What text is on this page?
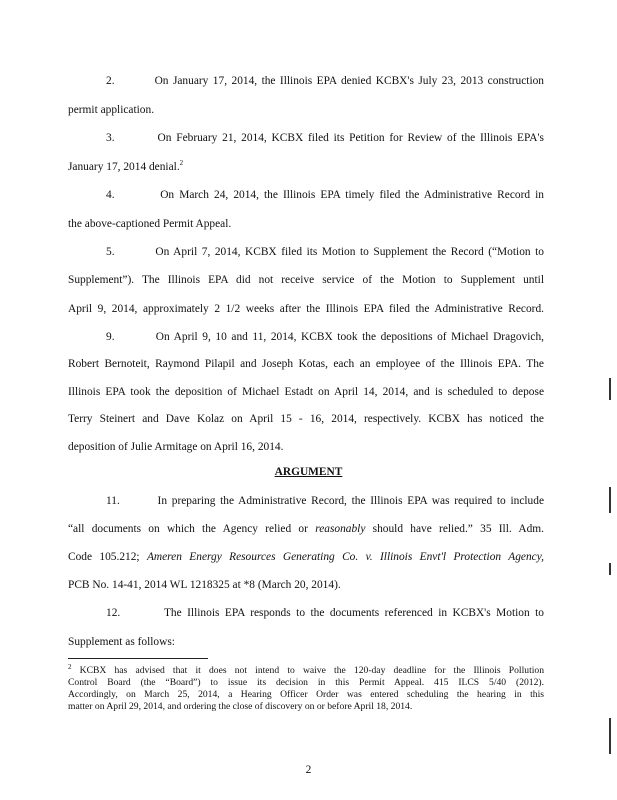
2.         On January 17, 2014, the Illinois EPA denied KCBX's July 23, 2013 construction
permit application.
3.         On February 21, 2014, KCBX filed its Petition for Review of the Illinois EPA's
January 17, 2014 denial.$^2$
4.         On March 24, 2014, the Illinois EPA timely filed the Administrative Record in
the above-captioned Permit Appeal.
5.         On April 7, 2014, KCBX filed its Motion to Supplement the Record (“Motion to
Supplement”). The Illinois EPA did not receive service of the Motion to Supplement until
April 9, 2014, approximately 2 1/2 weeks after the Illinois EPA filed the Administrative Record.
9.         On April 9, 10 and 11, 2014, KCBX took the depositions of Michael Dragovich,
Robert Bernoteit, Raymond Pilapil and Joseph Kotas, each an employee of the Illinois EPA. The
Illinois EPA took the deposition of Michael Estadt on April 14, 2014, and is scheduled to depose
Terry Steinert and Dave Kolaz on April 15 - 16, 2014, respectively. KCBX has noticed the
deposition of Julie Armitage on April 16, 2014.
ARGUMENT
11.        In preparing the Administrative Record, the Illinois EPA was required to include
“all documents on which the Agency relied or reasonably should have relied.” 35 Ill. Adm.
Code 105.212; Ameren Energy Resources Generating Co. v. Illinois Envt'l Protection Agency,
PCB No. 14-41, 2014 WL 1218325 at *8 (March 20, 2014).
12.        The Illinois EPA responds to the documents referenced in KCBX's Motion to
Supplement as follows:
$^2$ KCBX has advised that it does not intend to waive the 120-day deadline for the Illinois Pollution
Control Board (the “Board”) to issue its decision in this Permit Appeal. 415 ILCS 5/40 (2012).
Accordingly, on March 25, 2014, a Hearing Officer Order was entered scheduling the hearing in this
matter on April 29, 2014, and ordering the close of discovery on or before April 18, 2014.
2
